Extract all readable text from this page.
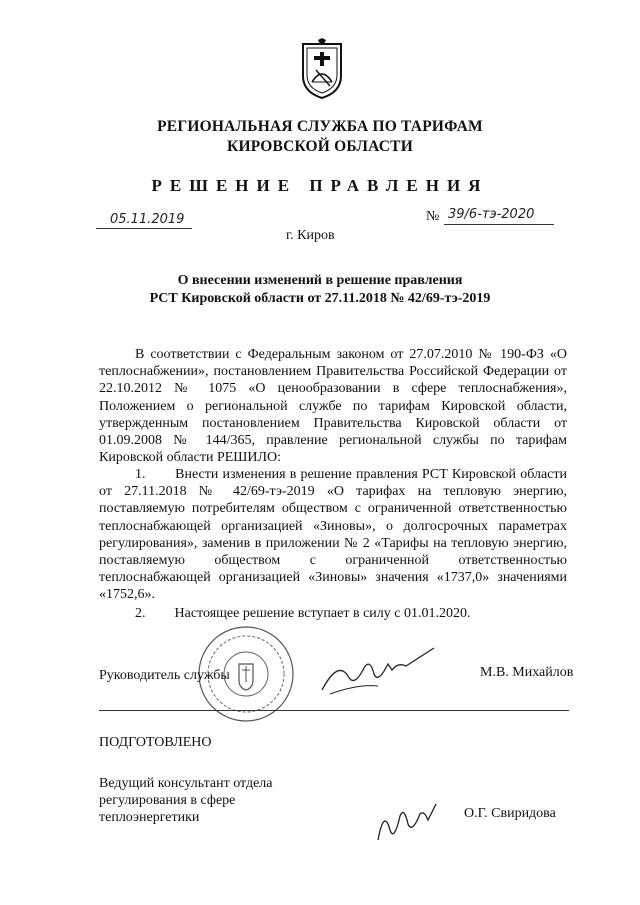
РЕГИОНАЛЬНАЯ СЛУЖБА ПО ТАРИФАМ
КИРОВСКОЙ ОБЛАСТИ
РЕШЕНИЕ ПРАВЛЕНИЯ
05.11.2019	№ 39/6-тэ-2020
г. Киров
О внесении изменений в решение правления
РСТ Кировской области от 27.11.2018 № 42/69-тэ-2019
В соответствии с Федеральным законом от 27.07.2010 № 190-ФЗ «О теплоснабжении», постановлением Правительства Российской Федерации от 22.10.2012 № 1075 «О ценообразовании в сфере теплоснабжения», Положением о региональной службе по тарифам Кировской области, утвержденным постановлением Правительства Кировской области от 01.09.2008 № 144/365, правление региональной службы по тарифам Кировской области РЕШИЛО:
1. Внести изменения в решение правления РСТ Кировской области от 27.11.2018 № 42/69-тэ-2019 «О тарифах на тепловую энергию, поставляемую потребителям обществом с ограниченной ответственностью теплоснабжающей организацией «Зиновы», о долгосрочных параметрах регулирования», заменив в приложении № 2 «Тарифы на тепловую энергию, поставляемую обществом с ограниченной ответственностью теплоснабжающей организацией «Зиновы» значения «1737,0» значениями «1752,6».
2. Настоящее решение вступает в силу с 01.01.2020.
Руководитель службы	М.В. Михайлов
ПОДГОТОВЛЕНО
Ведущий консультант отдела
регулирования в сфере
теплоэнергетики	О.Г. Свиридова
